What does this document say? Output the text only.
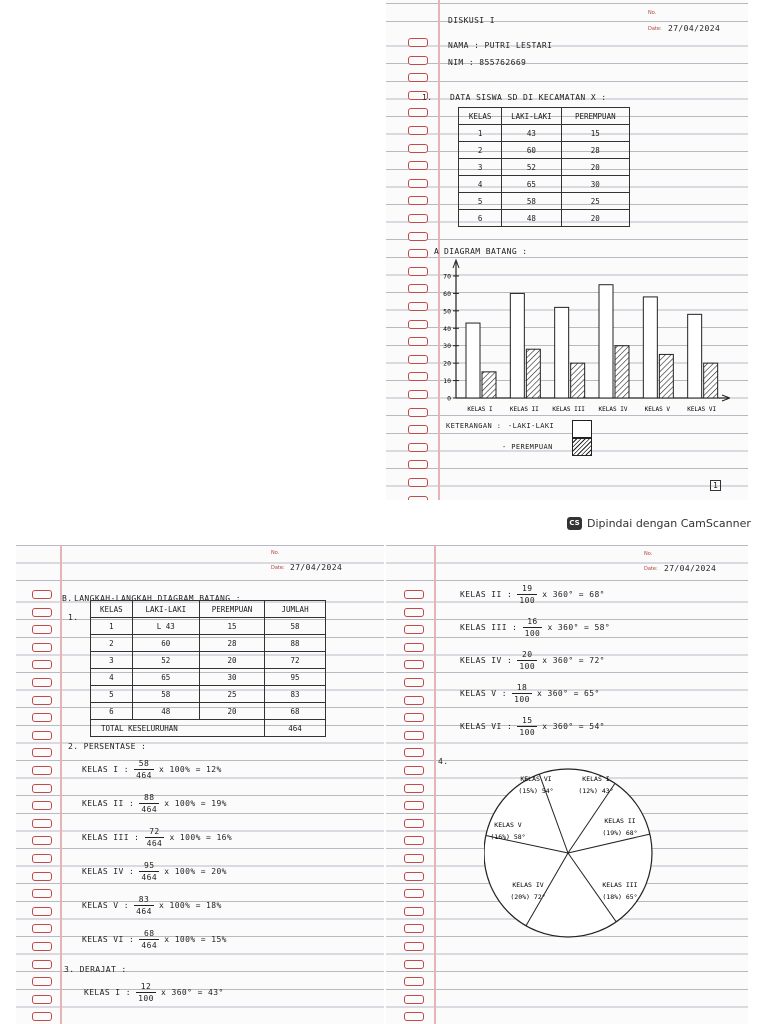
No.
Date:
DISKUSI I
27/04/2024
NAMA : PUTRI LESTARI
NIM : 855762669
1. DATA SISWA SD DI KECAMATAN X :
KELAS	LAKI-LAKI	PEREMPUAN
1	43	15
2	60	28
3	52	20
4	65	30
5	58	25
6	48	20
A DIAGRAM BATANG :
0
10
20
30
40
50
60
70
KELAS I	KELAS II KELAS III KELAS IV	KELAS V	KELAS VI
KETERANGAN : -LAKI-LAKI
- PEREMPUAN
1
CS Dipindai dengan CamScanner
No.
Date: 27/04/2024
B. LANGKAH-LANGKAH DIAGRAM BATANG :
1.
KELAS	LAKI-LAKI	PEREMPUAN	JUMLAH
1	L 43	15	58
2	60	28	88
3	52	20	72
4	65	30	95
5	58	25	83
6	48	20	68
TOTAL KESELURUHAN			464
2. PERSENTASE :
KELAS I : $\frac{58}{464}$ x 100% = 12%
KELAS II : $\frac{88}{464}$ x 100% = 19%
KELAS III : $\frac{72}{464}$ x 100% = 16%
KELAS IV : $\frac{95}{464}$ x 100% = 20%
KELAS V : $\frac{83}{464}$ x 100% = 18%
KELAS VI : $\frac{68}{464}$ x 100% = 15%
3. DERAJAT :
KELAS I : $\frac{12}{100}$ x 360° = 43°
No.
Date: 27/04/2024
KELAS II : $\frac{19}{100}$ x 360° = 68°
KELAS III : $\frac{16}{100}$ x 360° = 58°
KELAS IV : $\frac{20}{100}$ x 360° = 72°
KELAS V : $\frac{18}{100}$ x 360° = 65°
KELAS VI : $\frac{15}{100}$ x 360° = 54°
4.
KELAS VI
(15%) 54°
KELAS I
(12%) 43°
KELAS II
(19%) 68°
KELAS III
(18%) 65°
KELAS IV
(20%) 72°
KELAS V
(16%) 58°
